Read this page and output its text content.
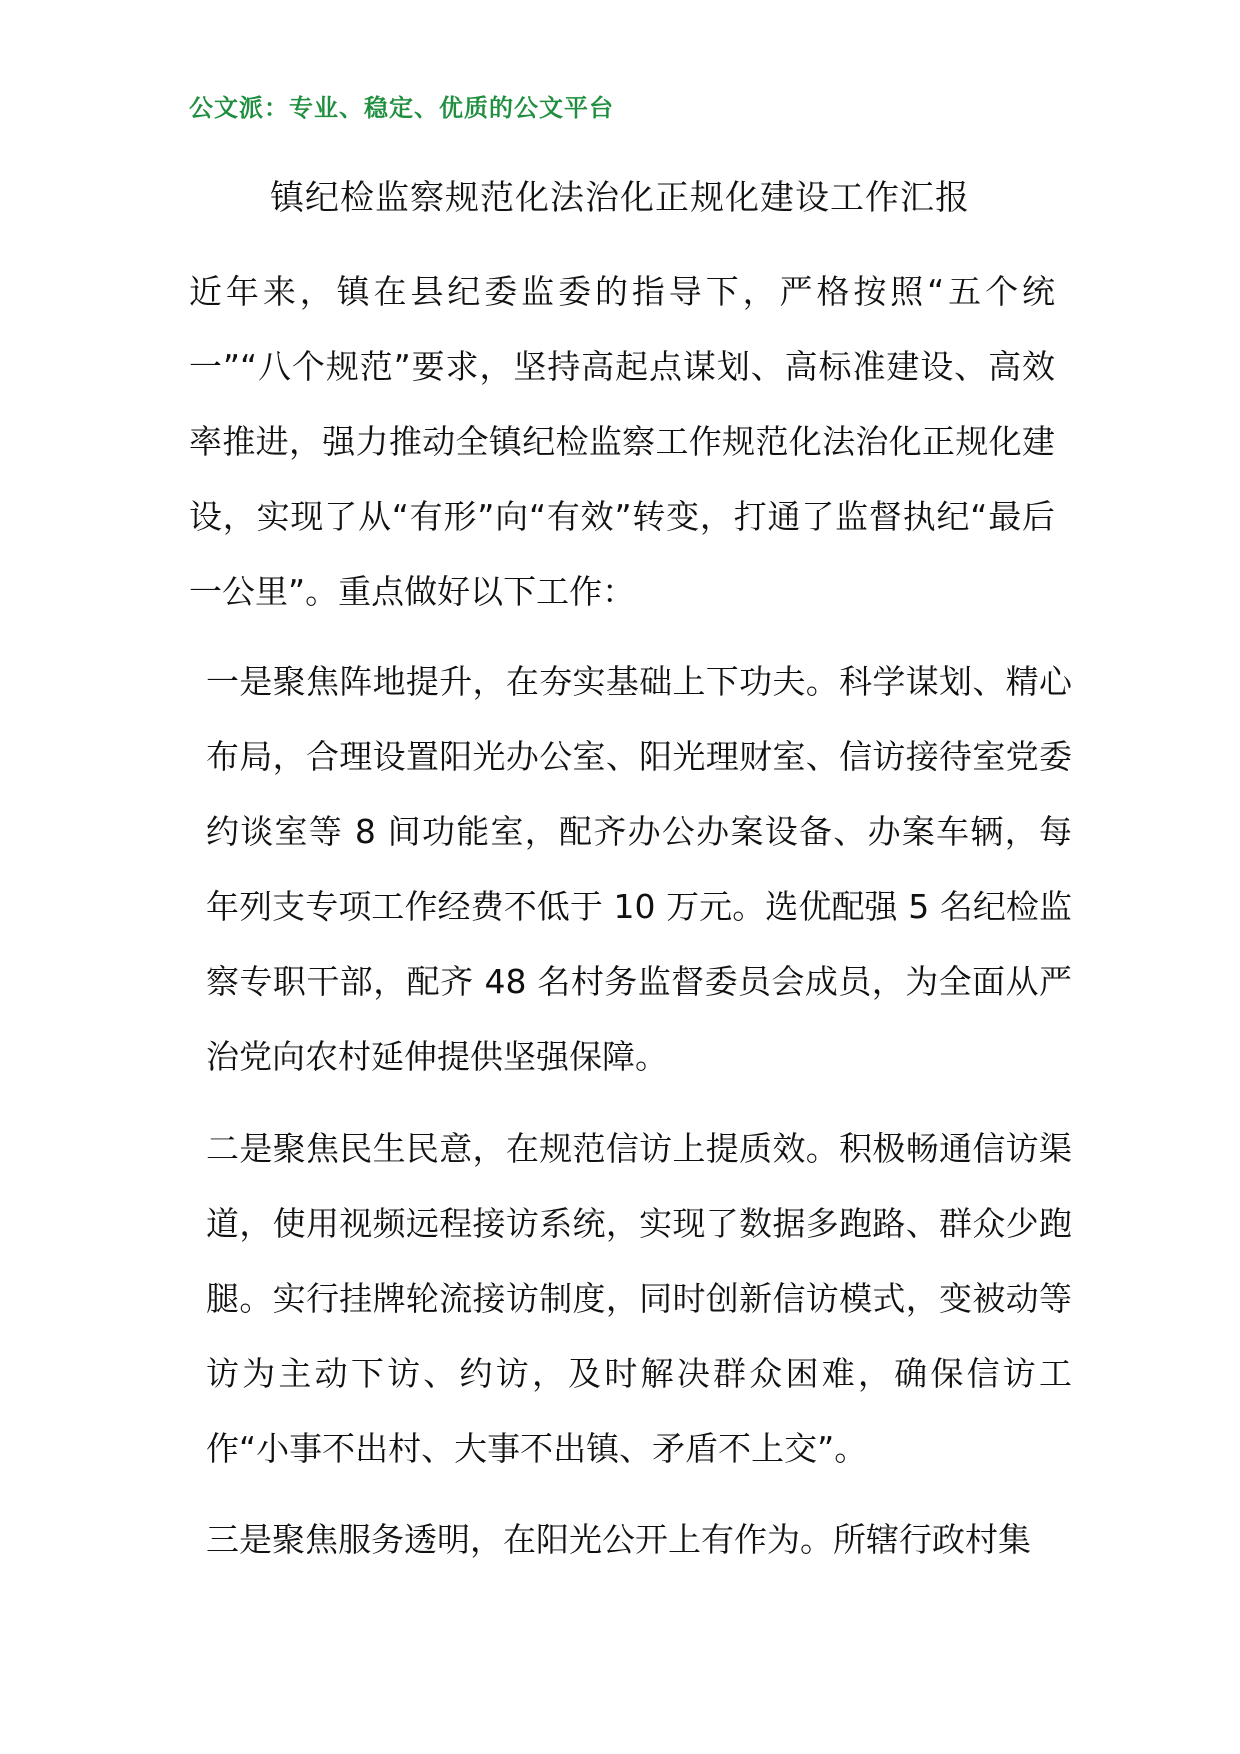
公文派：专业、稳定、优质的公文平台
镇纪检监察规范化法治化正规化建设工作汇报

近年来，镇在县纪委监委的指导下，严格按照“五个统一”“八个规范”要求，坚持高起点谋划、高标准建设、高效率推进，强力推动全镇纪检监察工作规范化法治化正规化建设，实现了从“有形”向“有效”转变，打通了监督执纪“最后一公里”。重点做好以下工作：

一是聚焦阵地提升，在夯实基础上下功夫。科学谋划、精心布局，合理设置阳光办公室、阳光理财室、信访接待室党委约谈室等 8 间功能室，配齐办公办案设备、办案车辆，每年列支专项工作经费不低于 10 万元。选优配强 5 名纪检监察专职干部，配齐 48 名村务监督委员会成员，为全面从严治党向农村延伸提供坚强保障。

二是聚焦民生民意，在规范信访上提质效。积极畅通信访渠道，使用视频远程接访系统，实现了数据多跑路、群众少跑腿。实行挂牌轮流接访制度，同时创新信访模式，变被动等访为主动下访、约访，及时解决群众困难，确保信访工作“小事不出村、大事不出镇、矛盾不上交”。

三是聚焦服务透明，在阳光公开上有作为。所辖行政村集
